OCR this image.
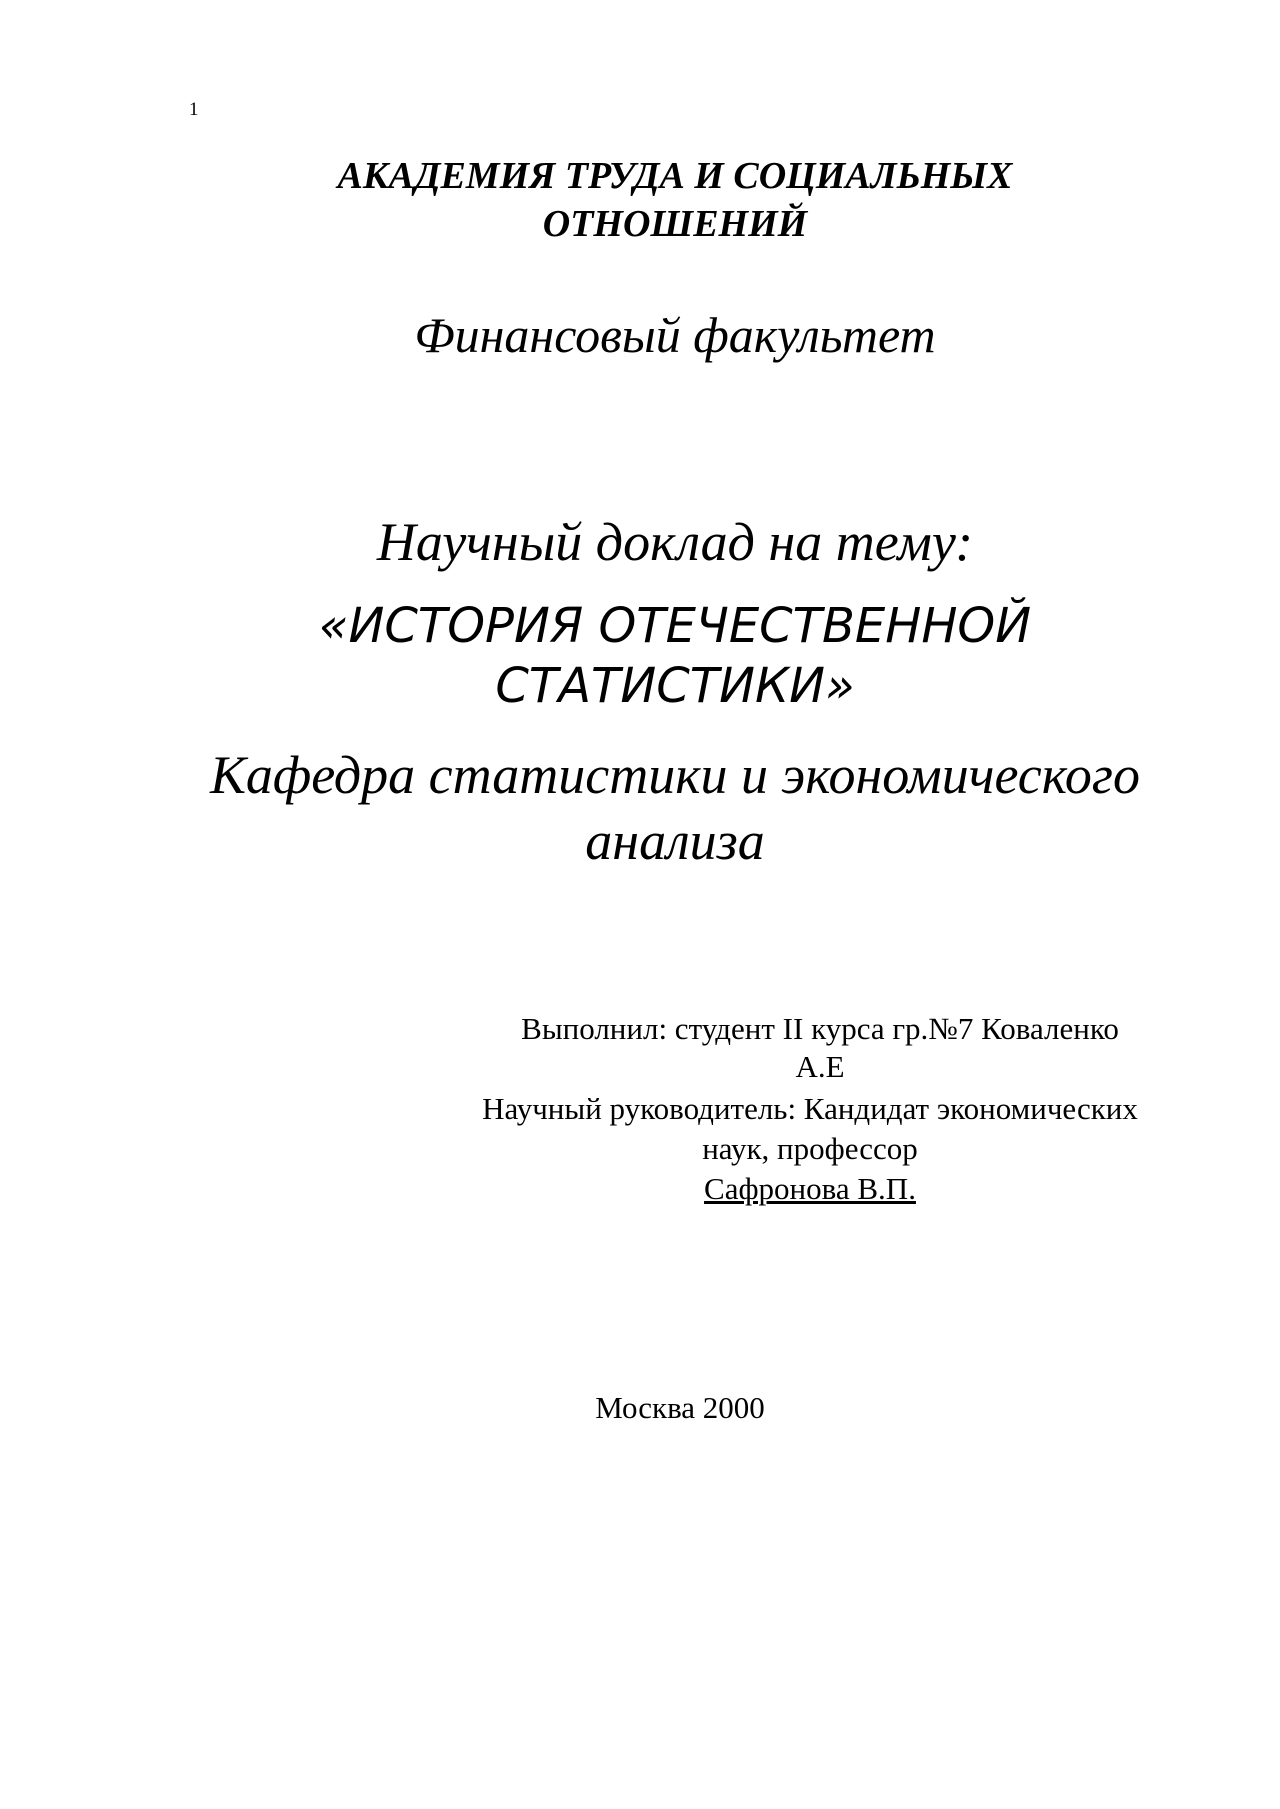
1
АКАДЕМИЯ ТРУДА И СОЦИАЛЬНЫХ
ОТНОШЕНИЙ
Финансовый факультет
Научный доклад на тему:
«ИСТОРИЯ ОТЕЧЕСТВЕННОЙ
СТАТИСТИКИ»
Кафедра статистики и экономического
анализа
Выполнил: студент II курса гр.№7 Коваленко
А.Е
Научный руководитель: Кандидат экономических
наук, профессор
Сафронова В.П.
Москва 2000
